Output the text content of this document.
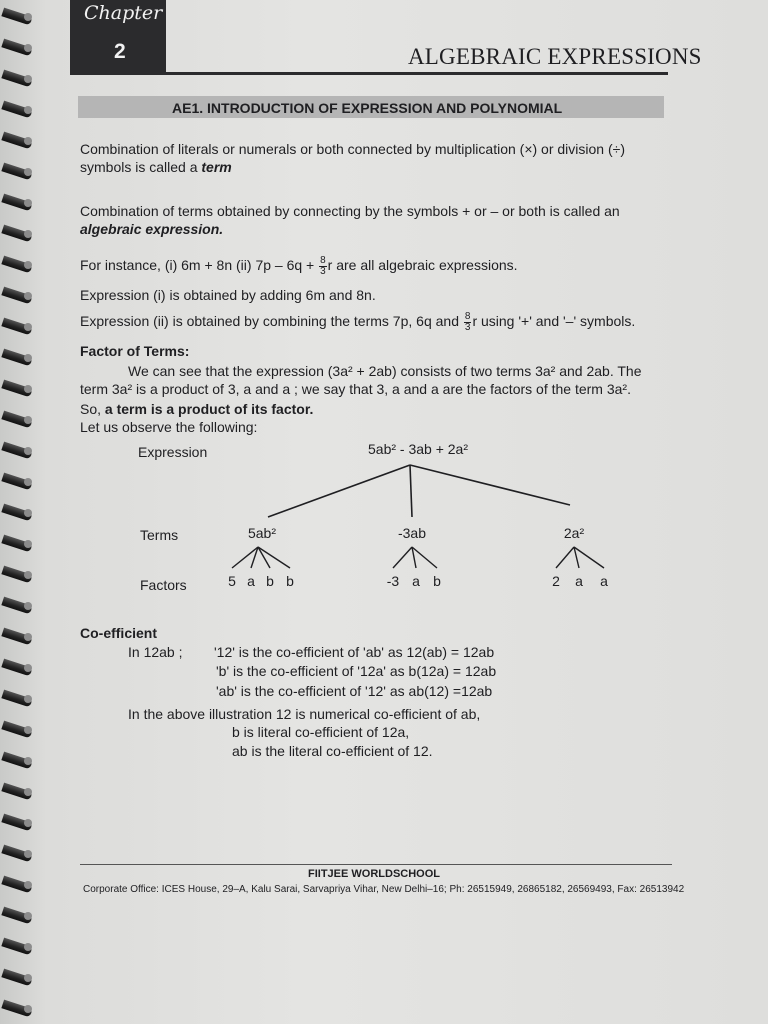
Chapter
2	ALGEBRAIC EXPRESSIONS
AE1. INTRODUCTION OF EXPRESSION AND POLYNOMIAL
Combination of literals or numerals or both connected by multiplication (×) or division (÷)
symbols is called a term
Combination of terms obtained by connecting by the symbols + or – or both is called an
algebraic expression.
For instance, (i) 6m + 8n (ii) $7p - 6q + \frac{8}{3}$ r are all algebraic expressions.
Expression (i) is obtained by adding 6m and 8n.
Expression (ii) is obtained by combining the terms 7p, 6q and $\frac{8}{3}$ r using '+' and '–' symbols.
Factor of Terms:
We can see that the expression (3a² + 2ab) consists of two terms 3a² and 2ab. The
term 3a² is a product of 3, a and a ; we say that 3, a and a are the factors of the term 3a².
So, a term is a product of its factor.
Let us observe the following:
Expression	5ab² - 3ab + 2a²
Terms
Factors
5ab²
5 a b b
-3ab
-3 a b
2a²
2 a a
Co-efficient
In 12ab ; '12' is the co-efficient of 'ab' as 12(ab) = 12ab
'b' is the co-efficient of '12a' as b(12a) = 12ab
'ab' is the co-efficient of '12' as ab(12) =12ab
In the above illustration 12 is numerical co-efficient of ab,
b is literal co-efficient of 12a,
ab is the literal co-efficient of 12.
FIITJEE WORLDSCHOOL
Corporate Office: ICES House, 29–A, Kalu Sarai, Sarvapriya Vihar, New Delhi–16; Ph: 26515949, 26865182, 26569493, Fax: 26513942
